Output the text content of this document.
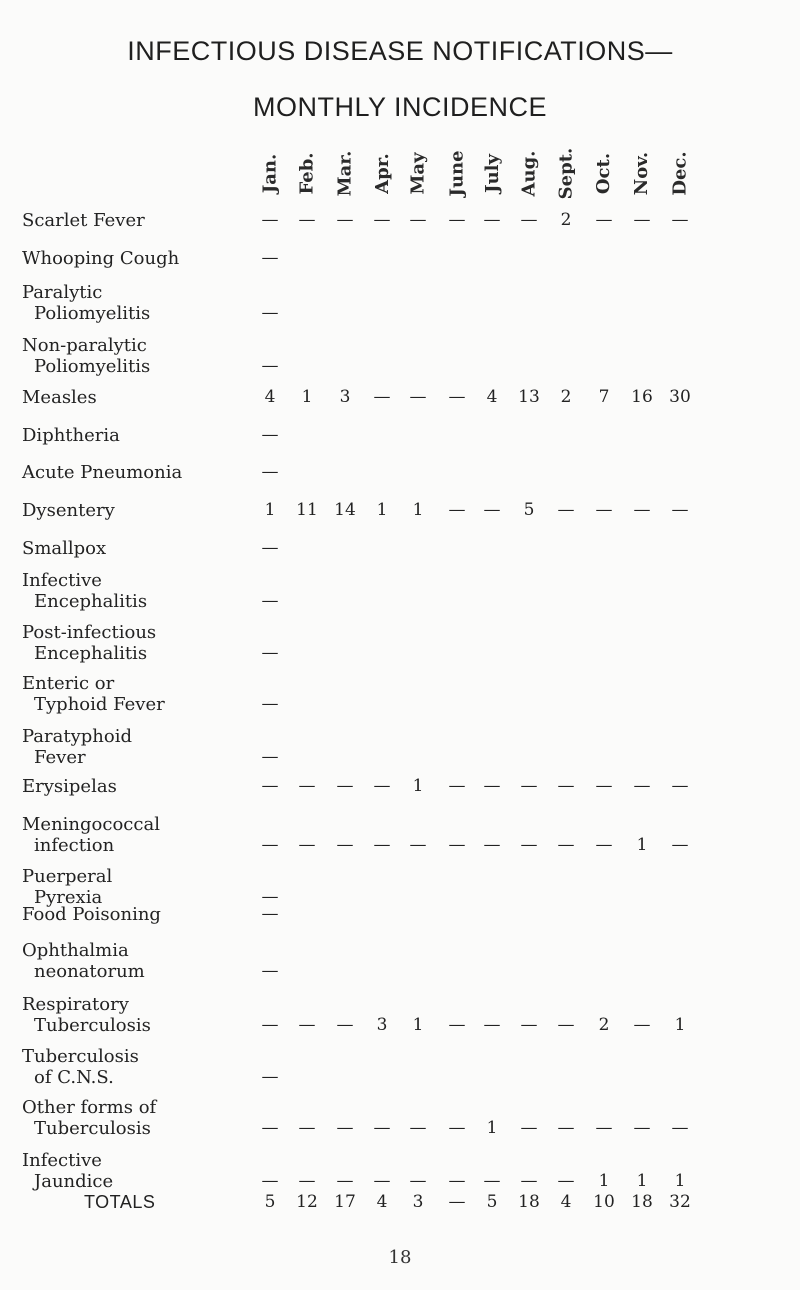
INFECTIOUS DISEASE NOTIFICATIONS—
MONTHLY INCIDENCE
Jan. Feb. Mar. Apr. May June July Aug. Sept. Oct. Nov. Dec.
Scarlet Fever	—	—	—	—	—	—	—	—	2	—	—	—
Whooping Cough	—
Paralytic
Poliomyelitis	—
Non-paralytic
Poliomyelitis	—
Measles	4	1	3	—	—	—	4	13	2	7	16 30
Diphtheria	—
Acute Pneumonia	—
Dysentery	1	11 14	1	1	—	—	5	—	—	—	—
Smallpox	—
Infective
Encephalitis	—
Post-infectious
Encephalitis	—
Enteric or
Typhoid Fever	—
Paratyphoid
Fever	—
Erysipelas	—	—	—	—	1	—	—	—	—	—	—	—
Meningococcal
infection	—	—	—	—	—	—	—	—	—	—	1	—
Puerperal
Pyrexia	—
Food Poisoning	—
Ophthalmia
neonatorum	—
Respiratory
Tuberculosis	—	—	—	3	1	—	—	—	—	2	—	1
Tuberculosis
of C.N.S.	—
Other forms of
Tuberculosis	—	—	—	—	—	—	1	—	—	—	—	—
Infective
Jaundice	—	—	—	—	—	—	—	—	—	1	1	1
TOTALS	5	12 17	4	3	—	5	18	4	10 18 32
18
